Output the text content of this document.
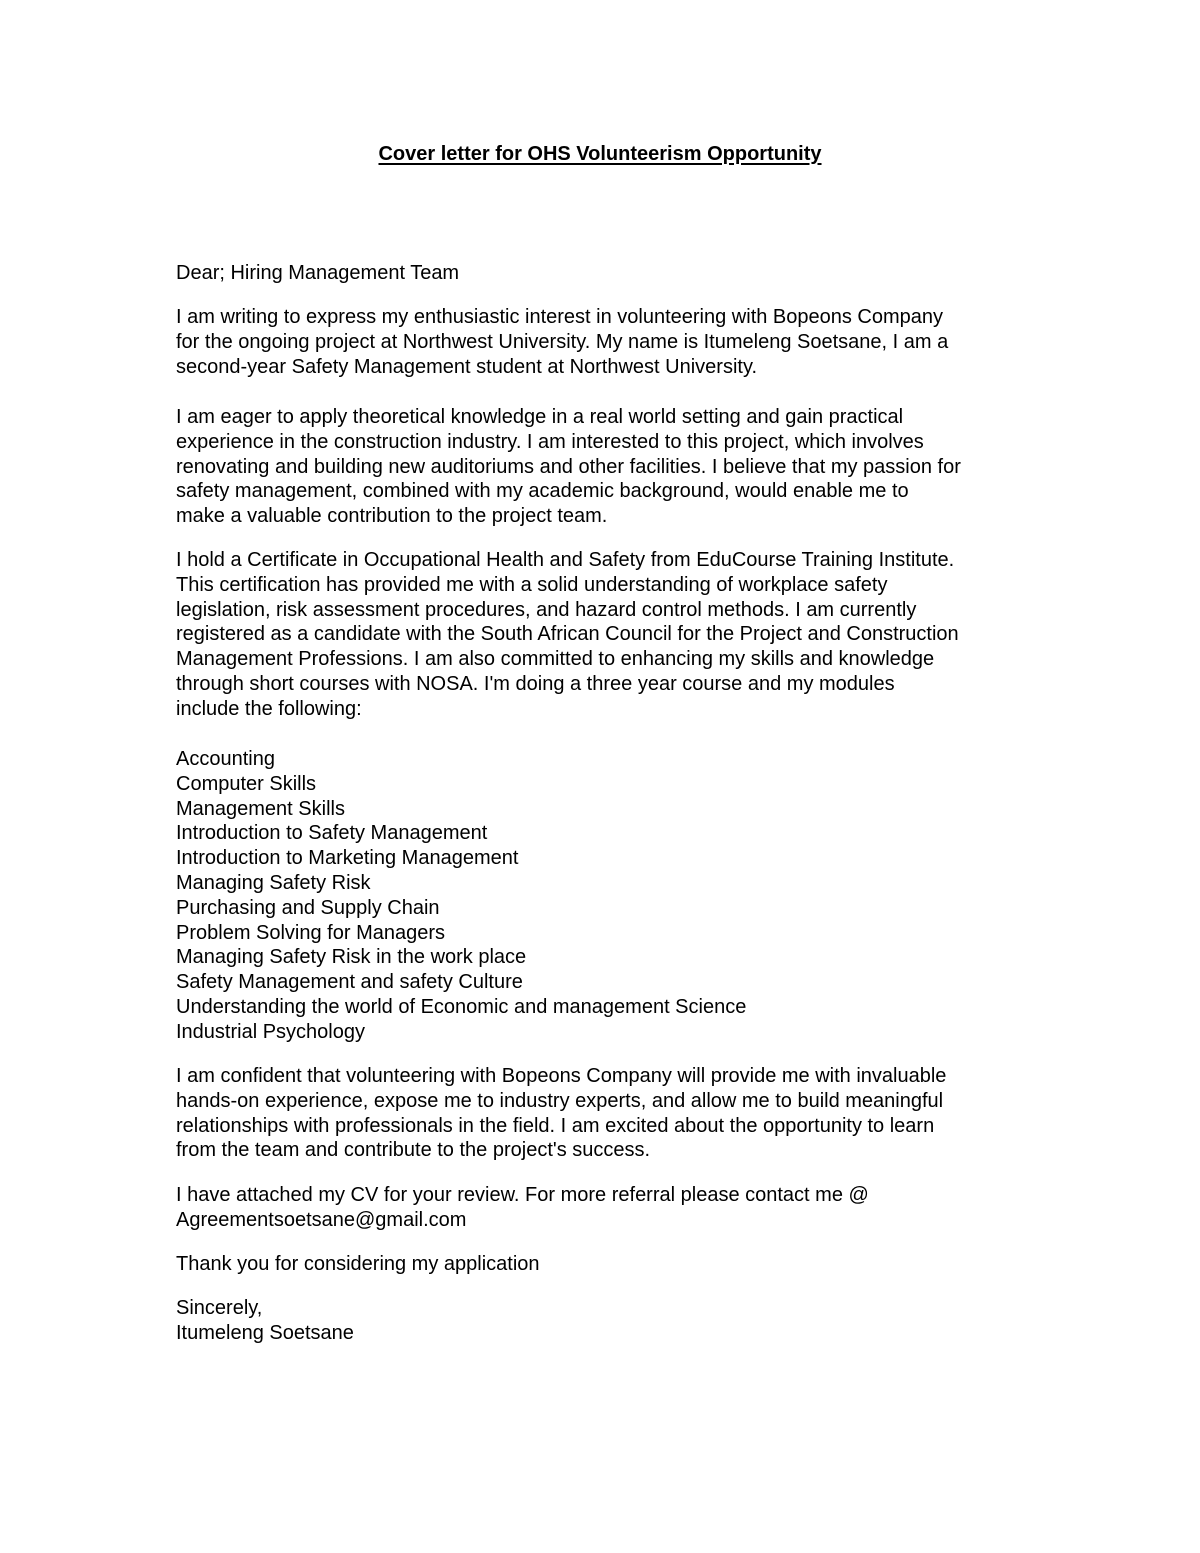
Cover letter for OHS Volunteerism Opportunity
Dear; Hiring Management Team
I am writing to express my enthusiastic interest in volunteering with Bopeons Company
for the ongoing project at Northwest University. My name is Itumeleng Soetsane, I am a
second-year Safety Management student at Northwest University.
I am eager to apply theoretical knowledge in a real world setting and gain practical
experience in the construction industry. I am interested to this project, which involves
renovating and building new auditoriums and other facilities. I believe that my passion for
safety management, combined with my academic background, would enable me to
make a valuable contribution to the project team.
I hold a Certificate in Occupational Health and Safety from EduCourse Training Institute.
This certification has provided me with a solid understanding of workplace safety
legislation, risk assessment procedures, and hazard control methods. I am currently
registered as a candidate with the South African Council for the Project and Construction
Management Professions. I am also committed to enhancing my skills and knowledge
through short courses with NOSA. I'm doing a three year course and my modules
include the following:
Accounting
Computer Skills
Management Skills
Introduction to Safety Management
Introduction to Marketing Management
Managing Safety Risk
Purchasing and Supply Chain
Problem Solving for Managers
Managing Safety Risk in the work place
Safety Management and safety Culture
Understanding the world of Economic and management Science
Industrial Psychology
I am confident that volunteering with Bopeons Company will provide me with invaluable
hands-on experience, expose me to industry experts, and allow me to build meaningful
relationships with professionals in the field. I am excited about the opportunity to learn
from the team and contribute to the project's success.
I have attached my CV for your review. For more referral please contact me @
Agreementsoetsane@gmail.com
Thank you for considering my application
Sincerely,
Itumeleng Soetsane
